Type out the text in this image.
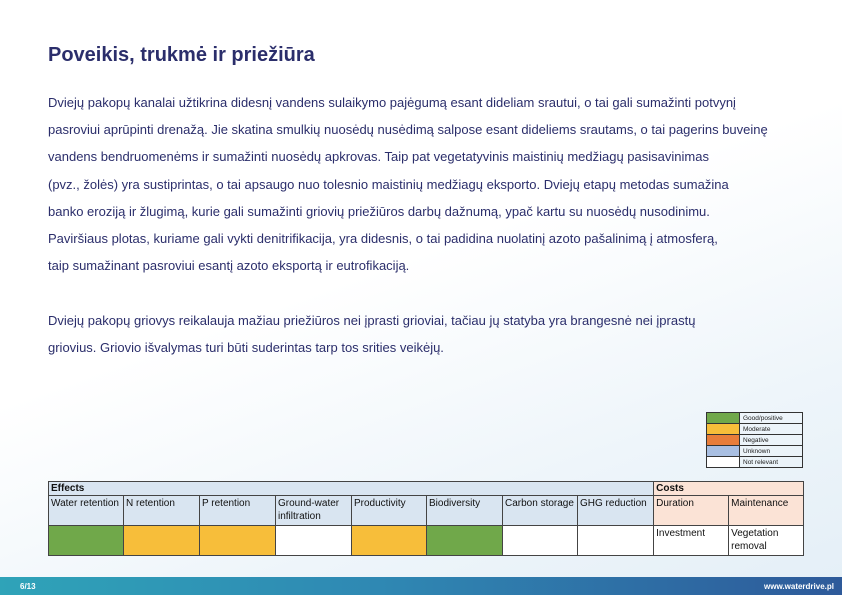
Poveikis, trukmė ir priežiūra
Dviejų pakopų kanalai užtikrina didesnį vandens sulaikymo pajėgumą esant dideliam srautui, o tai gali sumažinti potvynį
pasroviui aprūpinti drenažą. Jie skatina smulkių nuosėdų nusėdimą salpose esant dideliems srautams, o tai pagerins buveinę
vandens bendruomenėms ir sumažinti nuosėdų apkrovas. Taip pat vegetatyvinis maistinių medžiagų pasisavinimas
(pvz., žolės) yra sustiprintas, o tai apsaugo nuo tolesnio maistinių medžiagų eksporto. Dviejų etapų metodas sumažina
banko eroziją ir žlugimą, kurie gali sumažinti griovių priežiūros darbų dažnumą, ypač kartu su nuosėdų nusodinimu.
Paviršiaus plotas, kuriame gali vykti denitrifikacija, yra didesnis, o tai padidina nuolatinį azoto pašalinimą į atmosferą,
taip sumažinant pasroviui esantį azoto eksportą ir eutrofikaciją.
Dviejų pakopų griovys reikalauja mažiau priežiūros nei įprasti grioviai, tačiau jų statyba yra brangesnė nei įprastų
griovius. Griovio išvalymas turi būti suderintas tarp tos srities veikėjų.
	Good/positive
	Moderate
	Negative
	Unknown
	Not relevant
Effects								Costs	
Water retention	N retention	P retention	Ground-water infiltration	Productivity	Biodiversity	Carbon storage	GHG reduction	Duration	Maintenance
								Investment	Vegetation removal
6/13	www.waterdrive.pl
